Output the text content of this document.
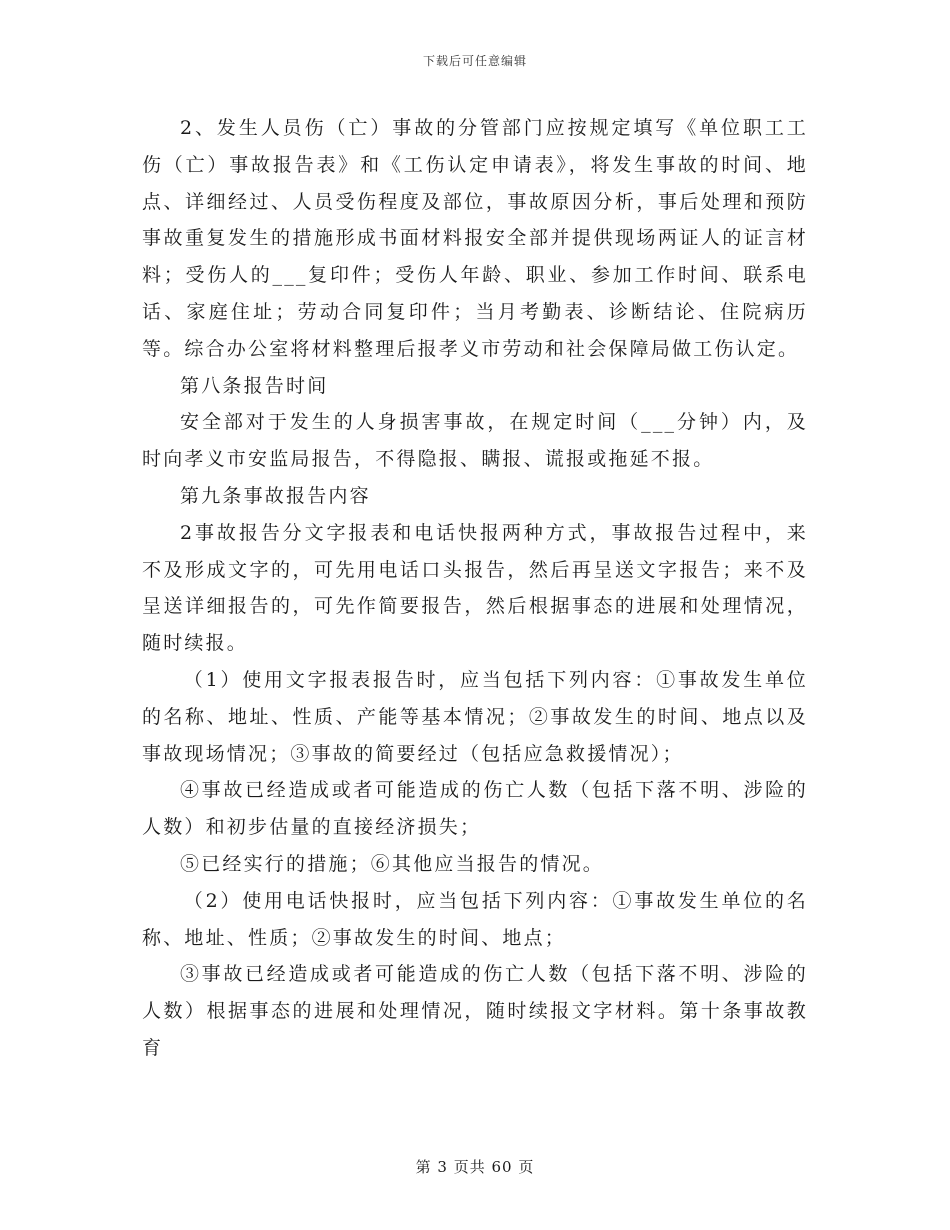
下载后可任意编辑

2、发生人员伤（亡）事故的分管部门应按规定填写《单位职工工伤（亡）事故报告表》和《工伤认定申请表》，将发生事故的时间、地点、详细经过、人员受伤程度及部位，事故原因分析，事后处理和预防事故重复发生的措施形成书面材料报安全部并提供现场两证人的证言材料；受伤人的___复印件；受伤人年龄、职业、参加工作时间、联系电话、家庭住址；劳动合同复印件；当月考勤表、诊断结论、住院病历等。综合办公室将材料整理后报孝义市劳动和社会保障局做工伤认定。

第八条报告时间

安全部对于发生的人身损害事故，在规定时间（___分钟）内，及时向孝义市安监局报告，不得隐报、瞒报、谎报或拖延不报。

第九条事故报告内容

2事故报告分文字报表和电话快报两种方式，事故报告过程中，来不及形成文字的，可先用电话口头报告，然后再呈送文字报告；来不及呈送详细报告的，可先作简要报告，然后根据事态的进展和处理情况，随时续报。

（1）使用文字报表报告时，应当包括下列内容：①事故发生单位的名称、地址、性质、产能等基本情况；②事故发生的时间、地点以及事故现场情况；③事故的简要经过（包括应急救援情况）；

④事故已经造成或者可能造成的伤亡人数（包括下落不明、涉险的人数）和初步估量的直接经济损失；

⑤已经实行的措施；⑥其他应当报告的情况。

（2）使用电话快报时，应当包括下列内容：①事故发生单位的名称、地址、性质；②事故发生的时间、地点；

③事故已经造成或者可能造成的伤亡人数（包括下落不明、涉险的人数）根据事态的进展和处理情况，随时续报文字材料。第十条事故教育

第 3 页共 60 页
